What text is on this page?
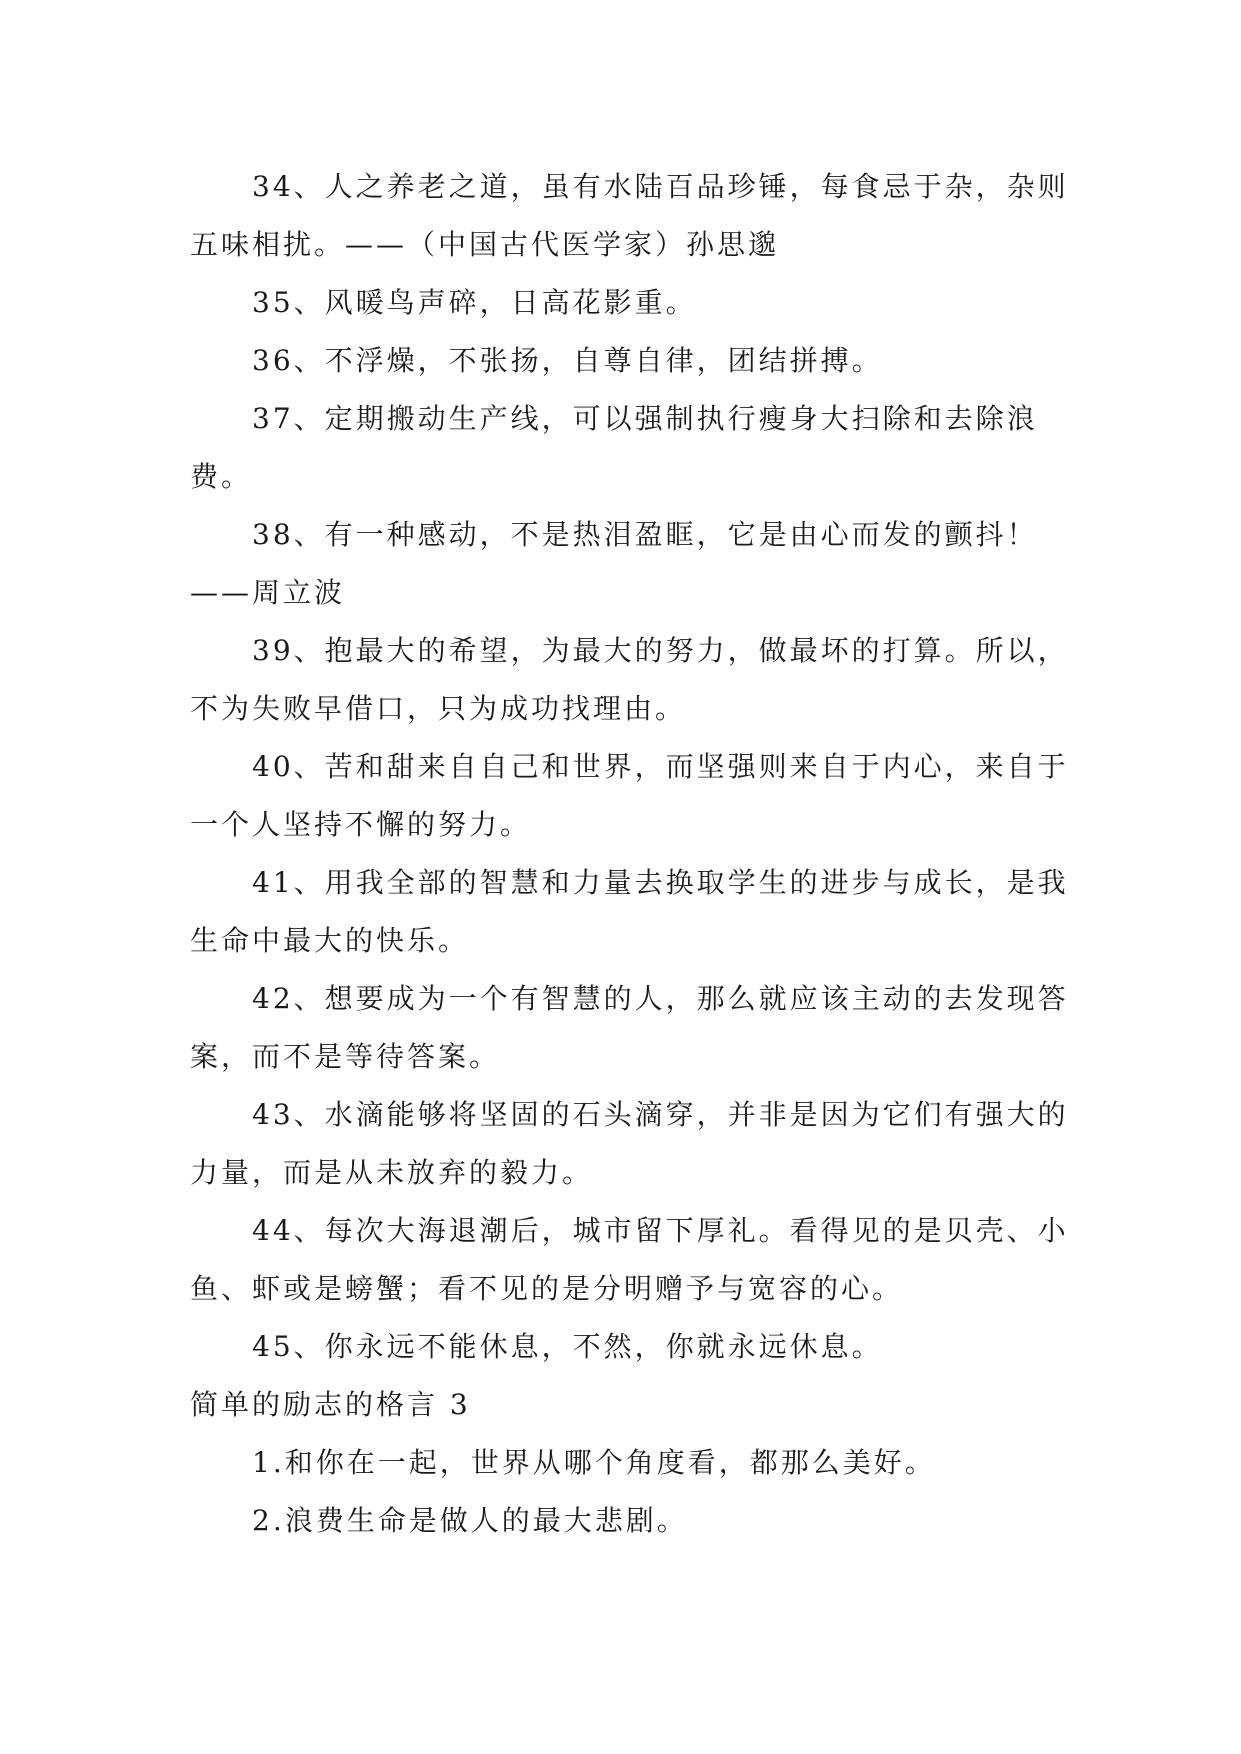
34、人之养老之道，虽有水陆百品珍锤，每食忌于杂，杂则五味相扰。——（中国古代医学家）孙思邈

35、风暖鸟声碎，日高花影重。

36、不浮燥，不张扬，自尊自律，团结拼搏。

37、定期搬动生产线，可以强制执行瘦身大扫除和去除浪费。

38、有一种感动，不是热泪盈眶，它是由心而发的颤抖！——周立波

39、抱最大的希望，为最大的努力，做最坏的打算。所以，不为失败早借口，只为成功找理由。

40、苦和甜来自自己和世界，而坚强则来自于内心，来自于一个人坚持不懈的努力。

41、用我全部的智慧和力量去换取学生的进步与成长，是我生命中最大的快乐。

42、想要成为一个有智慧的人，那么就应该主动的去发现答案，而不是等待答案。

43、水滴能够将坚固的石头滴穿，并非是因为它们有强大的力量，而是从未放弃的毅力。

44、每次大海退潮后，城市留下厚礼。看得见的是贝壳、小鱼、虾或是螃蟹；看不见的是分明赠予与宽容的心。

45、你永远不能休息，不然，你就永远休息。

简单的励志的格言 3

1.和你在一起，世界从哪个角度看，都那么美好。

2.浪费生命是做人的最大悲剧。
